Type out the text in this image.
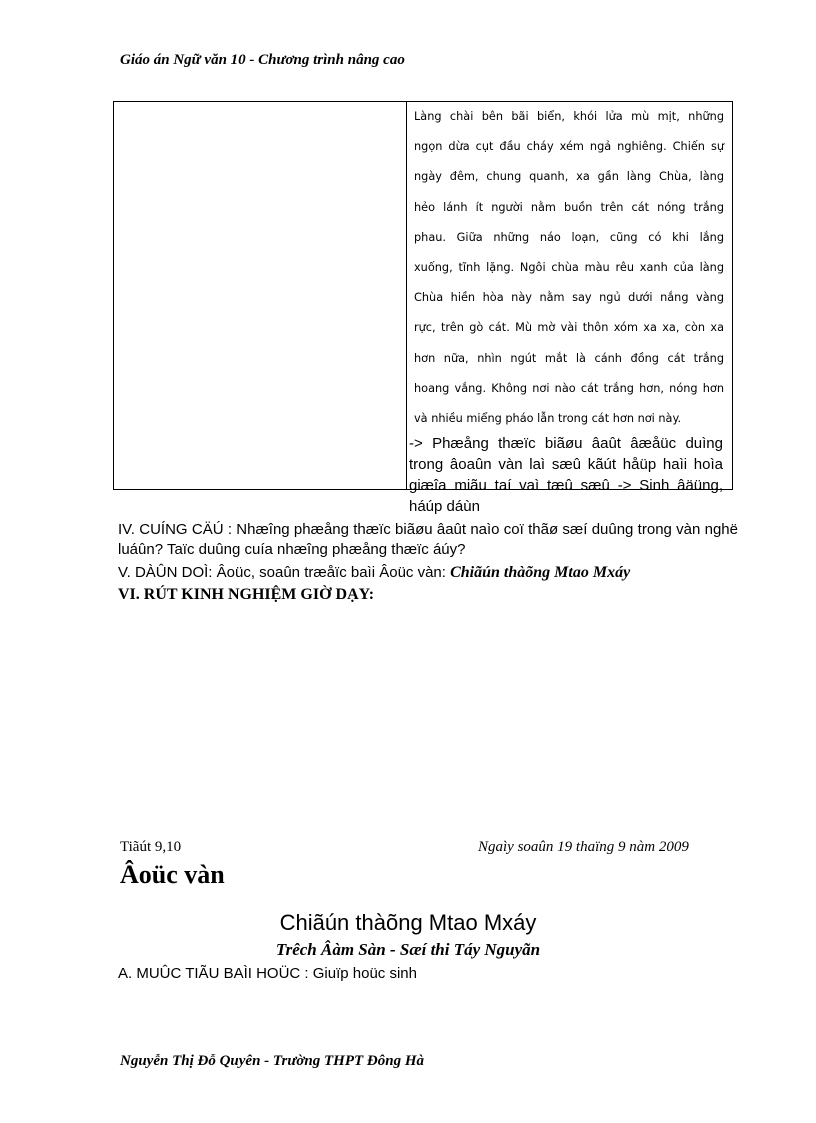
Giáo án Ngữ văn 10 - Chương trình nâng cao
Làng chài bên bãi biển, khói lửa mù mịt, những
ngọn dừa cụt đầu cháy xém ngả nghiêng. Chiến sự
ngày đêm, chung quanh, xa gần làng Chùa, làng
hẻo lánh ít người nằm buồn trên cát nóng trắng
phau. Giữa những náo loạn, cũng có khi lắng
xuống, tĩnh lặng. Ngôi chùa màu rêu xanh của làng
Chùa hiền hòa này nằm say ngủ dưới nắng vàng
rực, trên gò cát. Mù mờ vài thôn xóm xa xa, còn xa
hơn nữa, nhìn ngút mắt là cánh đồng cát trắng
hoang vắng. Không nơi nào cát trắng hơn, nóng hơn
và nhiều miểng pháo lẫn trong cát hơn nơi này.
-> Phæång thæïc biãøu âaût âæåüc duìng trong âoaûn vàn laì sæû kãút håüp haìi hoìa giæîa miãu taí vaì tæû sæû -> Sinh âäüng, háúp dáùn
IV. CUÍNG CÄÚ : Nhæîng phæång thæïc biãøu âaût naìo coï thãø sæí duûng trong vàn nghë luáûn? Taïc duûng cuía nhæîng phæång thæïc áúy?
V. DÀÛN DOÌ: Âoüc, soaûn træåïc baìi Âoüc vàn: Chiãún thàõng Mtao Mxáy
VI. RÚT KINH NGHIỆM GIỜ DẠY:
Tiãút 9,10	Ngaìy soaûn 19 thaïng 9 nàm 2009
Âoüc vàn
Chiãún thàõng Mtao Mxáy
Trêch Âàm Sàn - Sæí thi Táy Nguyãn
A. MUÛC TIÃU BAÌI HOÜC : Giuïp hoüc sinh
Nguyễn Thị Đỗ Quyên - Trường THPT Đông Hà
